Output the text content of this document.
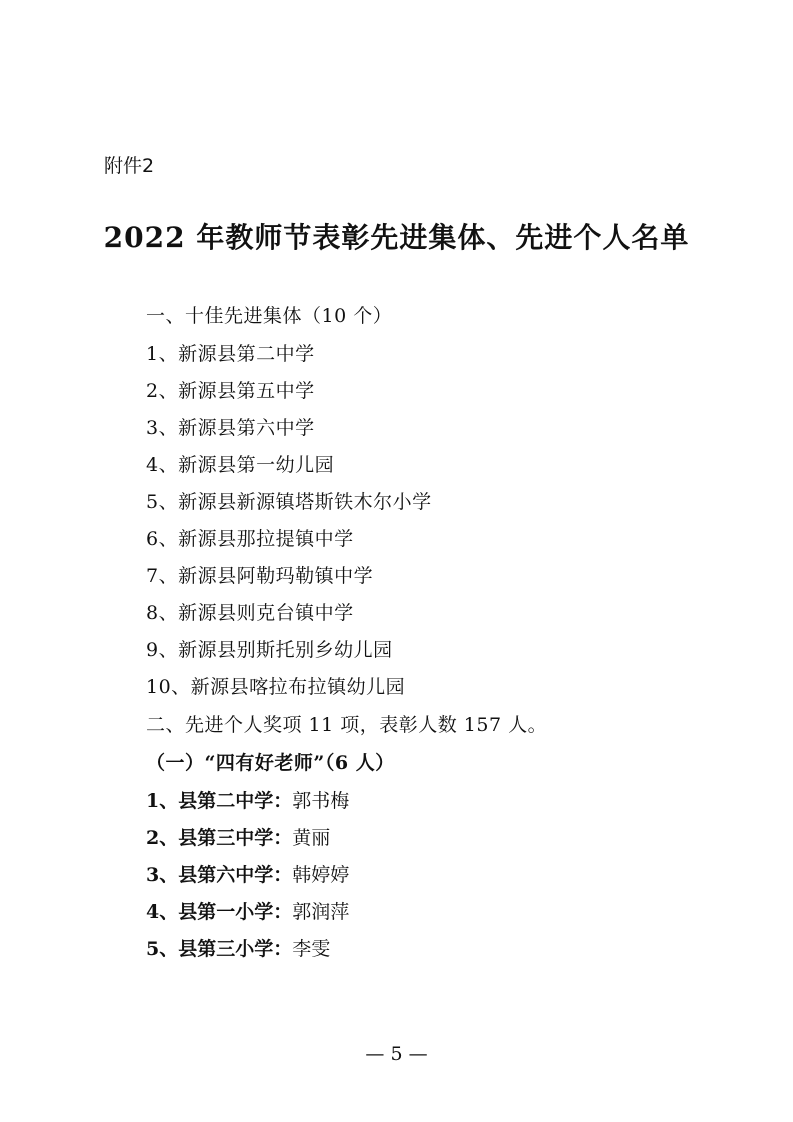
附件2
2022 年教师节表彰先进集体、先进个人名单
一、十佳先进集体（10 个）
1、新源县第二中学
2、新源县第五中学
3、新源县第六中学
4、新源县第一幼儿园
5、新源县新源镇塔斯铁木尔小学
6、新源县那拉提镇中学
7、新源县阿勒玛勒镇中学
8、新源县则克台镇中学
9、新源县别斯托别乡幼儿园
10、新源县喀拉布拉镇幼儿园
二、先进个人奖项 11 项，表彰人数 157 人。
（一）“四有好老师”（6 人）
1、县第二中学：郭书梅
2、县第三中学：黄丽
3、县第六中学：韩婷婷
4、县第一小学：郭润萍
5、县第三小学：李雯
— 5 —
